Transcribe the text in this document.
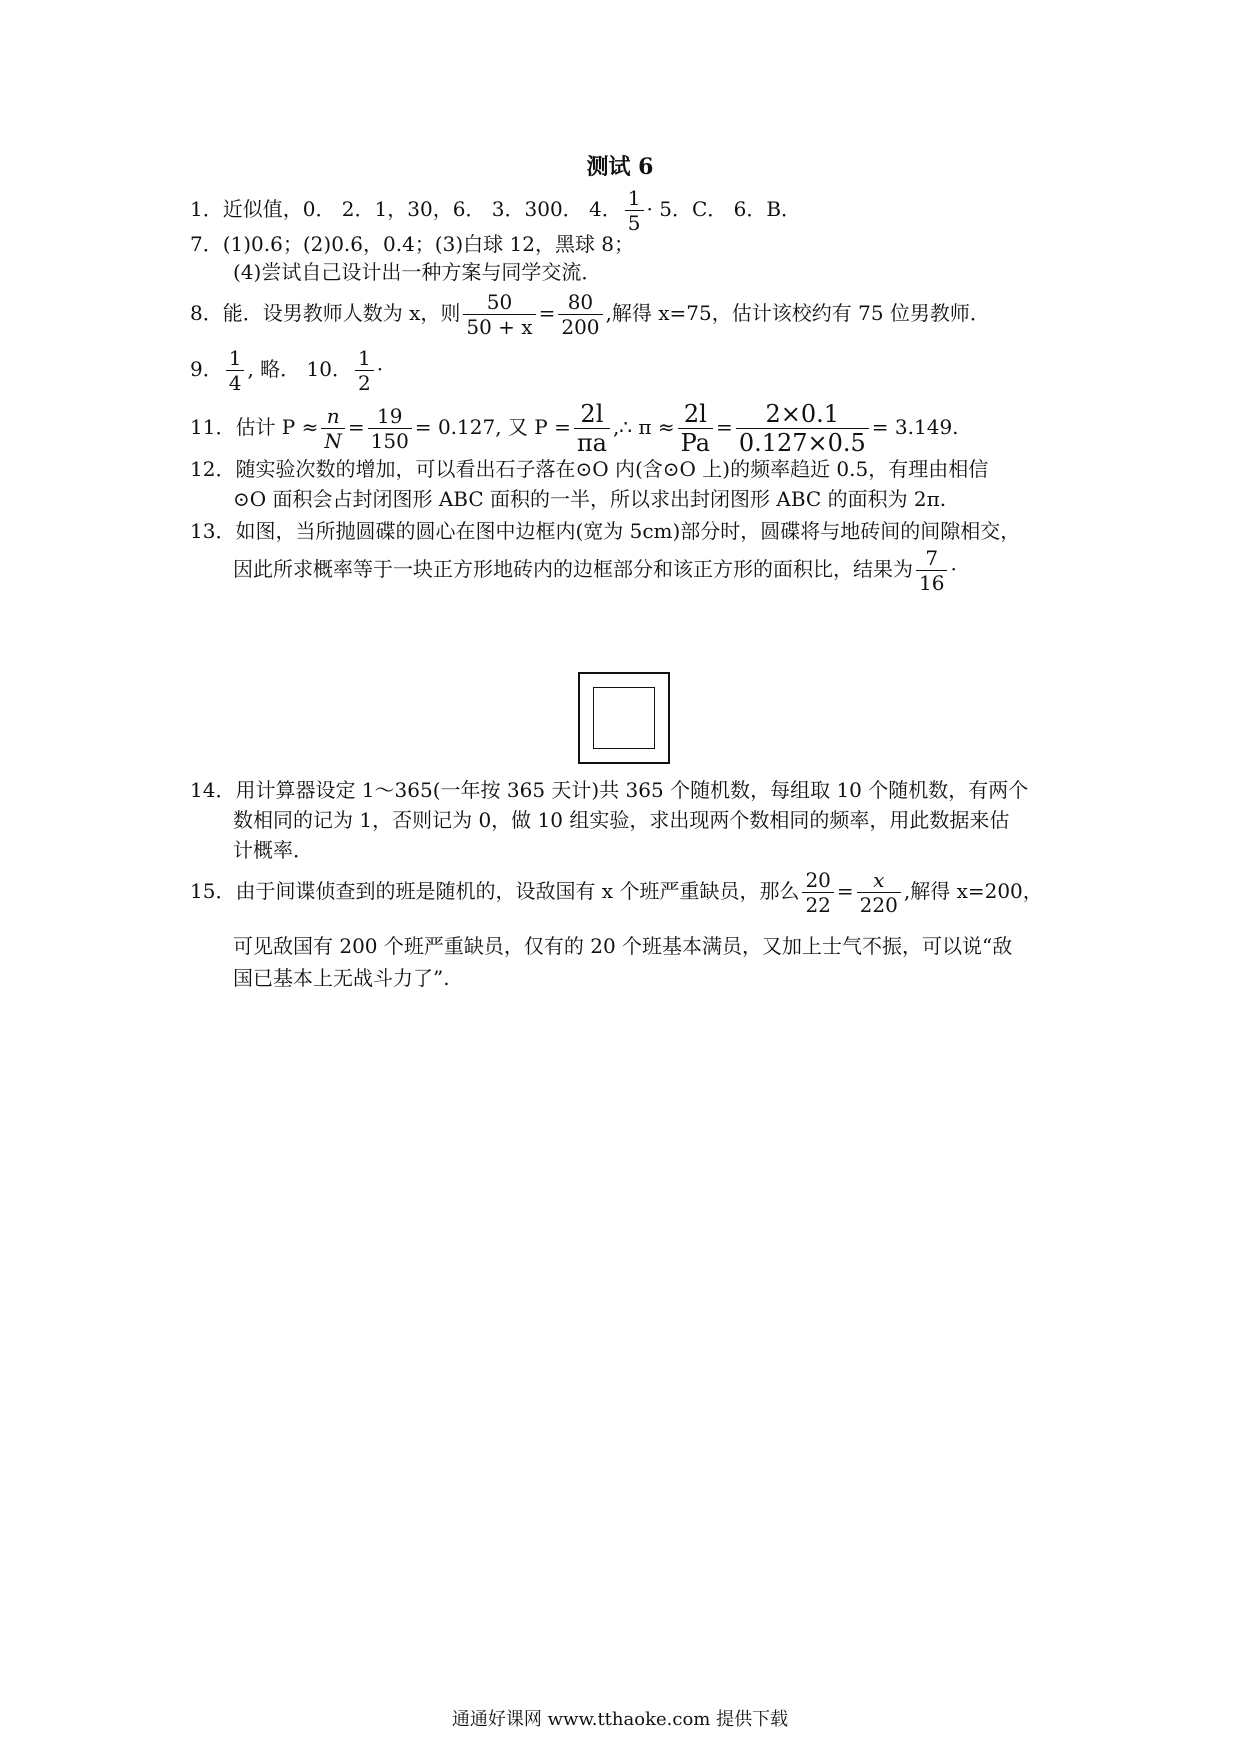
测试 6
1．近似值，0． 2．1，30，6． 3．300． 4． $\frac{1}{5} \cdot 5$．C． 6．B．
7．(1)0.6；(2)0.6，0.4；(3)白球 12，黑球 8；
(4)尝试自己设计出一种方案与同学交流．
8．能．设男教师人数为 x，则 $\frac{50}{50 + x} = \frac{80}{200}$ ,解得 x=75，估计该校约有 75 位男教师．
9． $\frac{1}{4}$ , 略． 10． $\frac{1}{2}$ ·
11．估计 $P \approx \frac{n}{N} = \frac{19}{150} = 0.127$, 又 $P = \frac{2l}{\pi a}$ ,∴ $\pi \approx \frac{2l}{Pa} = \frac{2\times 0.1}{0.127\times 0.5} = 3.149$.
12．随实验次数的增加，可以看出石子落在⊙O 内(含⊙O 上)的频率趋近 0.5，有理由相信
⊙O 面积会占封闭图形 ABC 面积的一半，所以求出封闭图形 ABC 的面积为 2π.
13．如图，当所抛圆碟的圆心在图中边框内(宽为 5cm)部分时，圆碟将与地砖间的间隙相交，
因此所求概率等于一块正方形地砖内的边框部分和该正方形的面积比，结果为 $\frac{7}{16}$ ·
14．用计算器设定 1～365(一年按 365 天计)共 365 个随机数，每组取 10 个随机数，有两个
数相同的记为 1，否则记为 0，做 10 组实验，求出现两个数相同的频率，用此数据来估
计概率．
15．由于间谍侦查到的班是随机的，设敌国有 x 个班严重缺员，那么 $\frac{20}{22} = \frac{x}{220}$ ,解得 x=200，
可见敌国有 200 个班严重缺员，仅有的 20 个班基本满员，又加上士气不振，可以说“敌
国已基本上无战斗力了”.
通通好课网 www.tthaoke.com 提供下载
